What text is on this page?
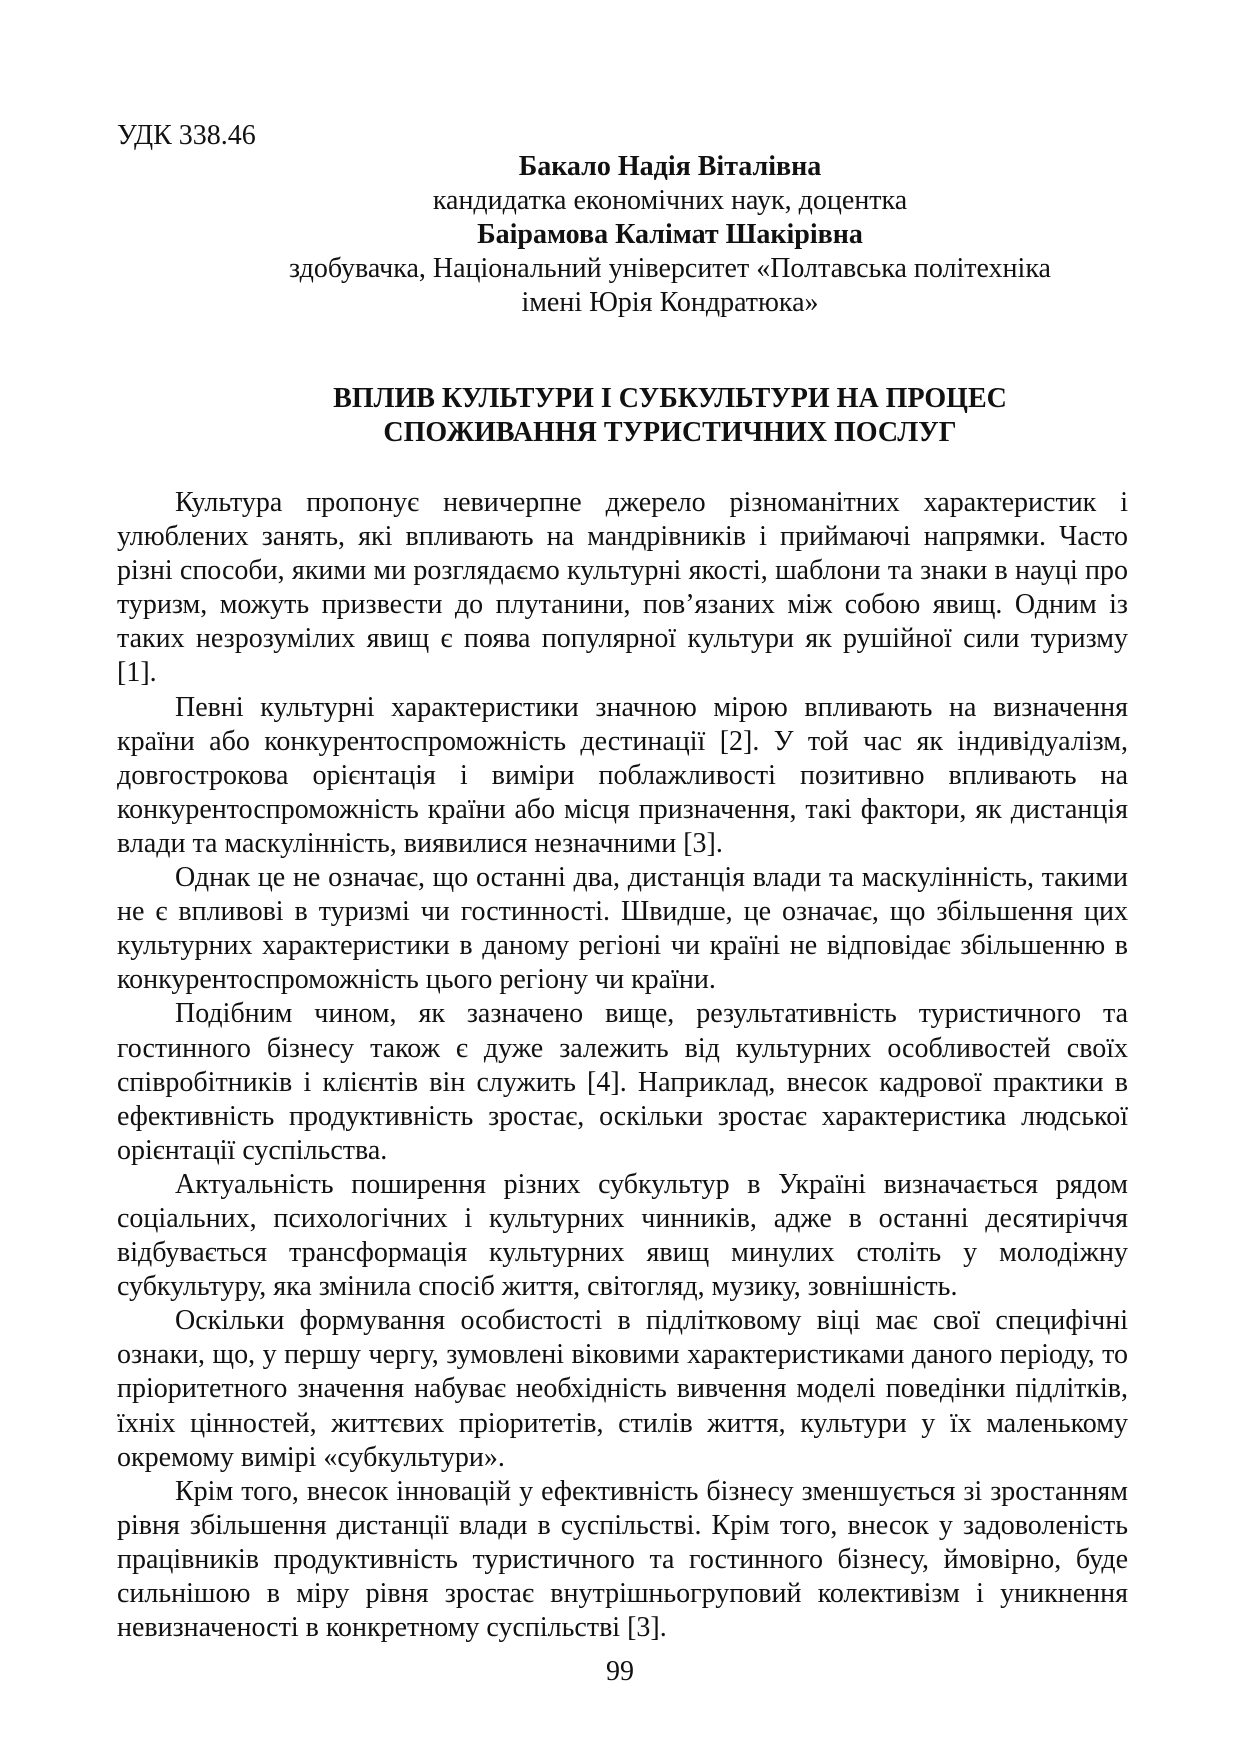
УДК 338.46

Бакало Надія Віталівна
кандидатка економічних наук, доцентка
Баірамова Калімат Шакірівна
здобувачка, Національний університет «Полтавська політехніка
імені Юрія Кондратюка»
ВПЛИВ КУЛЬТУРИ І СУБКУЛЬТУРИ НА ПРОЦЕС
СПОЖИВАННЯ ТУРИСТИЧНИХ ПОСЛУГ

Культура пропонує невичерпне джерело різноманітних характеристик і улюблених занять, які впливають на мандрівників і приймаючі напрямки. Часто різні способи, якими ми розглядаємо культурні якості, шаблони та знаки в науці про туризм, можуть призвести до плутанини, пов’язаних між собою явищ. Одним із таких незрозумілих явищ є поява популярної культури як рушійної сили туризму [1].

Певні культурні характеристики значною мірою впливають на визначення країни або конкурентоспроможність дестинації [2]. У той час як індивідуалізм, довгострокова орієнтація і виміри поблажливості позитивно впливають на конкурентоспроможність країни або місця призначення, такі фактори, як дистанція влади та маскулінність, виявилися незначними [3].

Однак це не означає, що останні два, дистанція влади та маскулінність, такими не є впливові в туризмі чи гостинності. Швидше, це означає, що збільшення цих культурних характеристики в даному регіоні чи країні не відповідає збільшенню в конкурентоспроможність цього регіону чи країни.

Подібним чином, як зазначено вище, результативність туристичного та гостинного бізнесу також є дуже залежить від культурних особливостей своїх співробітників і клієнтів він служить [4]. Наприклад, внесок кадрової практики в ефективність продуктивність зростає, оскільки зростає характеристика людської орієнтації суспільства.

Актуальність поширення різних субкультур в Україні визначається рядом соціальних, психологічних і культурних чинників, адже в останні десятиріччя відбувається трансформація культурних явищ минулих століть у молодіжну субкультуру, яка змінила спосіб життя, світогляд, музику, зовнішність.

Оскільки формування особистості в підлітковому віці має свої специфічні ознаки, що, у першу чергу, зумовлені віковими характеристиками даного періоду, то пріоритетного значення набуває необхідність вивчення моделі поведінки підлітків, їхніх цінностей, життєвих пріоритетів, стилів життя, культури у їх маленькому окремому вимірі «субкультури».

Крім того, внесок інновацій у ефективність бізнесу зменшується зі зростанням рівня збільшення дистанції влади в суспільстві. Крім того, внесок у задоволеність працівників продуктивність туристичного та гостинного бізнесу, ймовірно, буде сильнішою в міру рівня зростає внутрішньогруповий колективізм і уникнення невизначеності в конкретному суспільстві [3].

99
